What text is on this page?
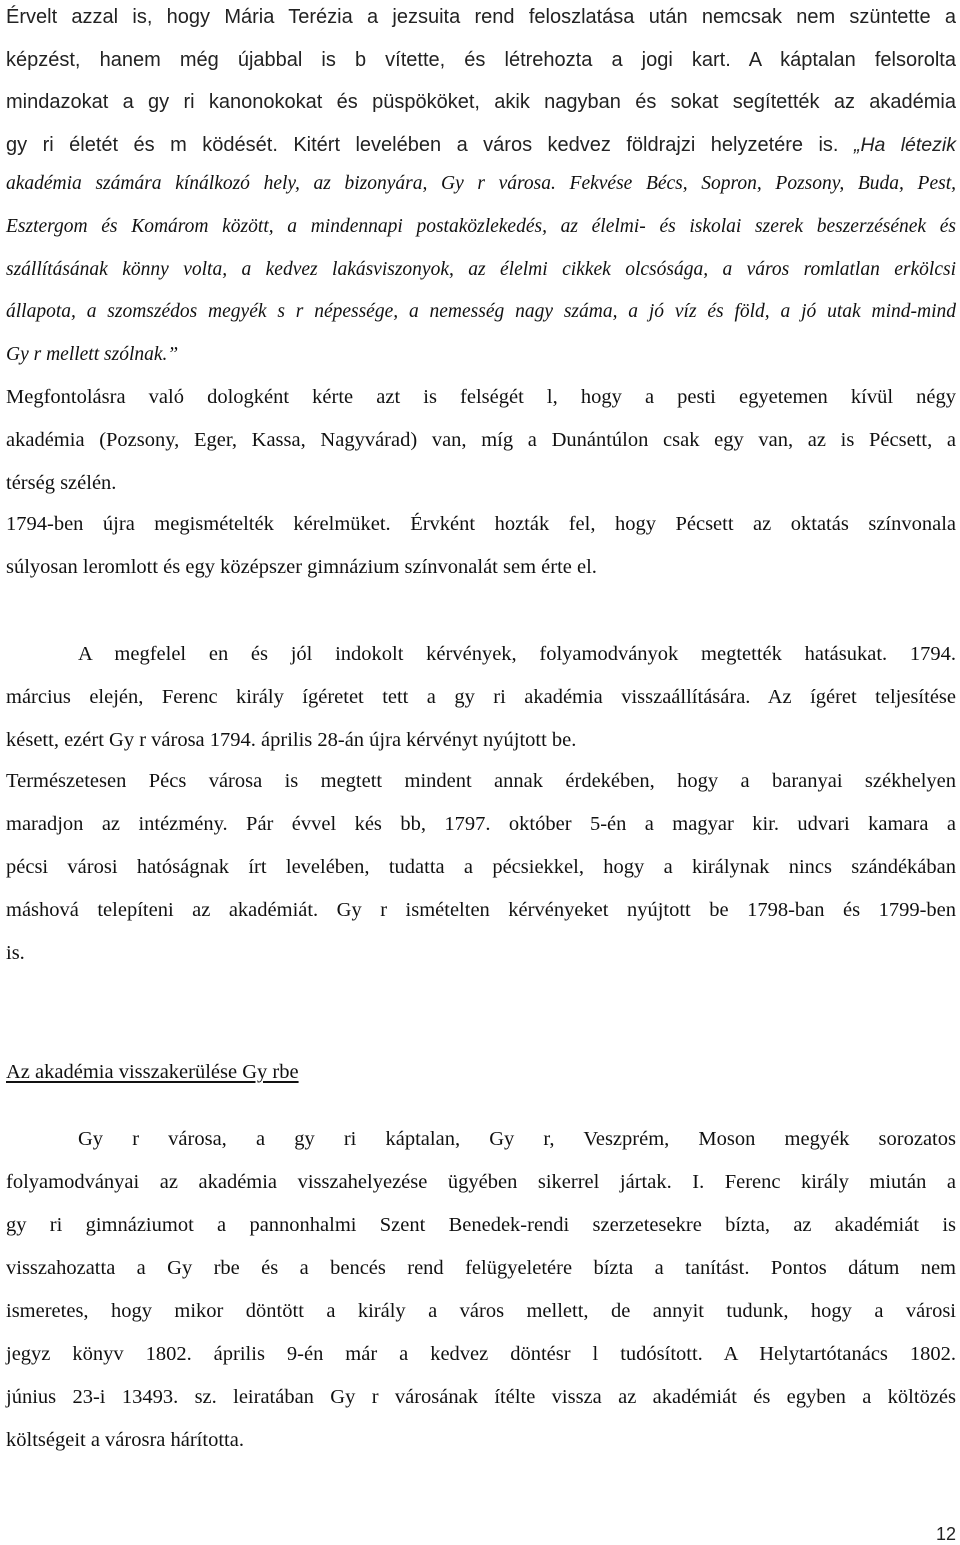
Érvelt azzal is, hogy Mária Terézia a jezsuita rend feloszlatása után nemcsak nem szüntette a
képzést, hanem még újabbal is b vítette, és létrehozta a jogi kart. A káptalan felsorolta
mindazokat a gy ri kanonokokat és püspököket, akik nagyban és sokat segítették az akadémia
gy ri életét és m ködését. Kitért levelében a város kedvez földrajzi helyzetére is. „Ha létezik
akadémia számára kínálkozó hely, az bizonyára, Gy r városa. Fekvése Bécs, Sopron, Pozsony, Buda, Pest,
Esztergom és Komárom között, a mindennapi postaközlekedés, az élelmi- és iskolai szerek beszerzésének és
szállításának könny volta, a kedvez lakásviszonyok, az élelmi cikkek olcsósága, a város romlatlan erkölcsi
állapota, a szomszédos megyék s r népessége, a nemesség nagy száma, a jó víz és föld, a jó utak mind-mind
Gy r mellett szólnak.”
Megfontolásra való dologként kérte azt is felségét l, hogy a pesti egyetemen kívül négy
akadémia (Pozsony, Eger, Kassa, Nagyvárad) van, míg a Dunántúlon csak egy van, az is Pécsett, a
térség szélén.
1794-ben újra megismételték kérelmüket. Érvként hozták fel, hogy Pécsett az oktatás színvonala
súlyosan leromlott és egy középszer gimnázium színvonalát sem érte el.
A megfelel en és jól indokolt kérvények, folyamodványok megtették hatásukat. 1794.
március elején, Ferenc király ígéretet tett a gy ri akadémia visszaállítására. Az ígéret teljesítése
késett, ezért Gy r városa 1794. április 28-án újra kérvényt nyújtott be.
Természetesen Pécs városa is megtett mindent annak érdekében, hogy a baranyai székhelyen
maradjon az intézmény. Pár évvel kés bb, 1797. október 5-én a magyar kir. udvari kamara a
pécsi városi hatóságnak írt levelében, tudatta a pécsiekkel, hogy a királynak nincs szándékában
máshová telepíteni az akadémiát. Gy r ismételten kérvényeket nyújtott be 1798-ban és 1799-ben
is.
Az akadémia visszakerülése Gy rbe
Gy r városa, a gy ri káptalan, Gy r, Veszprém, Moson megyék sorozatos
folyamodványai az akadémia visszahelyezése ügyében sikerrel jártak. I. Ferenc király miután a
gy ri gimnáziumot a pannonhalmi Szent Benedek-rendi szerzetesekre bízta, az akadémiát is
visszahozatta a Gy rbe és a bencés rend felügyeletére bízta a tanítást. Pontos dátum nem
ismeretes, hogy mikor döntött a király a város mellett, de annyit tudunk, hogy a városi
jegyz könyv 1802. április 9-én már a kedvez döntésr l tudósított. A Helytartótanács 1802.
június 23-i 13493. sz. leiratában Gy r városának ítélte vissza az akadémiát és egyben a költözés
költségeit a városra hárította.
12
